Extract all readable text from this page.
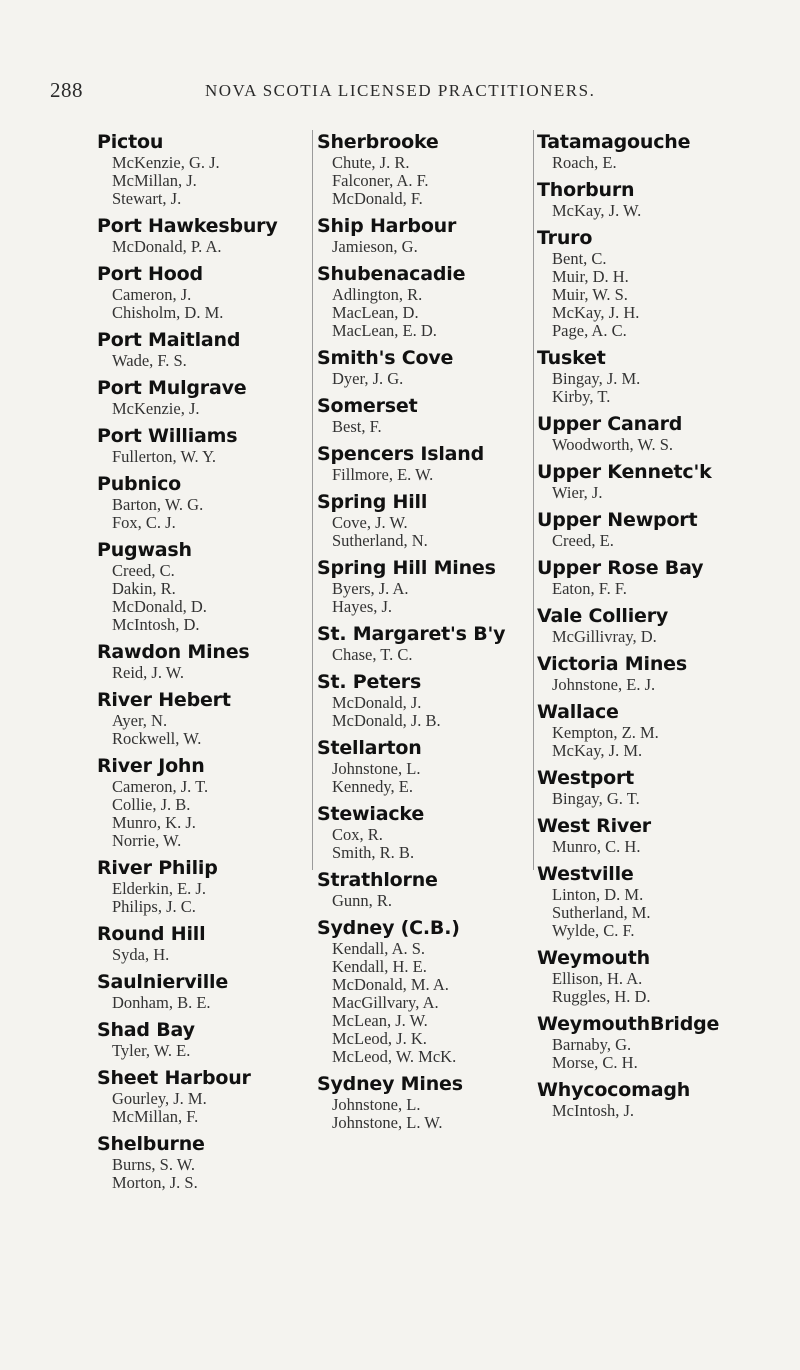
288	NOVA SCOTIA LICENSED PRACTITIONERS.
Pictou
McKenzie, G. J.
McMillan, J.
Stewart, J.
Port Hawkesbury
McDonald, P. A.
Port Hood
Cameron, J.
Chisholm, D. M.
Port Maitland
Wade, F. S.
Port Mulgrave
McKenzie, J.
Port Williams
Fullerton, W. Y.
Pubnico
Barton, W. G.
Fox, C. J.
Pugwash
Creed, C.
Dakin, R.
McDonald, D.
McIntosh, D.
Rawdon Mines
Reid, J. W.
River Hebert
Ayer, N.
Rockwell, W.
River John
Cameron, J. T.
Collie, J. B.
Munro, K. J.
Norrie, W.
River Philip
Elderkin, E. J.
Philips, J. C.
Round Hill
Syda, H.
Saulnierville
Donham, B. E.
Shad Bay
Tyler, W. E.
Sheet Harbour
Gourley, J. M.
McMillan, F.
Shelburne
Burns, S. W.
Morton, J. S.
Sherbrooke
Chute, J. R.
Falconer, A. F.
McDonald, F.
Ship Harbour
Jamieson, G.
Shubenacadie
Adlington, R.
MacLean, D.
MacLean, E. D.
Smith's Cove
Dyer, J. G.
Somerset
Best, F.
Spencers Island
Fillmore, E. W.
Spring Hill
Cove, J. W.
Sutherland, N.
Spring Hill Mines
Byers, J. A.
Hayes, J.
St. Margaret's B'y
Chase, T. C.
St. Peters
McDonald, J.
McDonald, J. B.
Stellarton
Johnstone, L.
Kennedy, E.
Stewiacke
Cox, R.
Smith, R. B.
Strathlorne
Gunn, R.
Sydney (C.B.)
Kendall, A. S.
Kendall, H. E.
McDonald, M. A.
MacGillvary, A.
McLean, J. W.
McLeod, J. K.
McLeod, W. McK.
Sydney Mines
Johnstone, L.
Johnstone, L. W.
Tatamagouche
Roach, E.
Thorburn
McKay, J. W.
Truro
Bent, C.
Muir, D. H.
Muir, W. S.
McKay, J. H.
Page, A. C.
Tusket
Bingay, J. M.
Kirby, T.
Upper Canard
Woodworth, W. S.
Upper Kennetc'k
Wier, J.
Upper Newport
Creed, E.
Upper Rose Bay
Eaton, F. F.
Vale Colliery
McGillivray, D.
Victoria Mines
Johnstone, E. J.
Wallace
Kempton, Z. M.
McKay, J. M.
Westport
Bingay, G. T.
West River
Munro, C. H.
Westville
Linton, D. M.
Sutherland, M.
Wylde, C. F.
Weymouth
Ellison, H. A.
Ruggles, H. D.
WeymouthBridge
Barnaby, G.
Morse, C. H.
Whycocomagh
McIntosh, J.
